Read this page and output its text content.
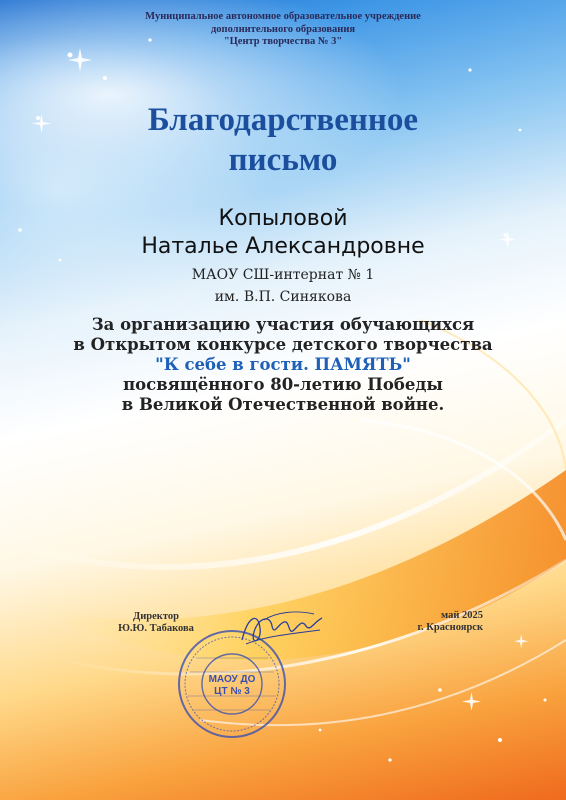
Муниципальное автономное образовательное учреждение
дополнительного образования
"Центр творчества № 3"
Благодарственное
письмо
Копыловой
Наталье Александровне
МАОУ СШ-интернат № 1
им. В.П. Синякова
За организацию участия обучающихся
в Открытом конкурсе детского творчества
"К себе в гости. ПАМЯТЬ"
посвящённого 80-летию Победы
в Великой Отечественной войне.
Директор
Ю.Ю. Табакова
май 2025
г. Красноярск
МАОУ ДО
ЦТ № 3
